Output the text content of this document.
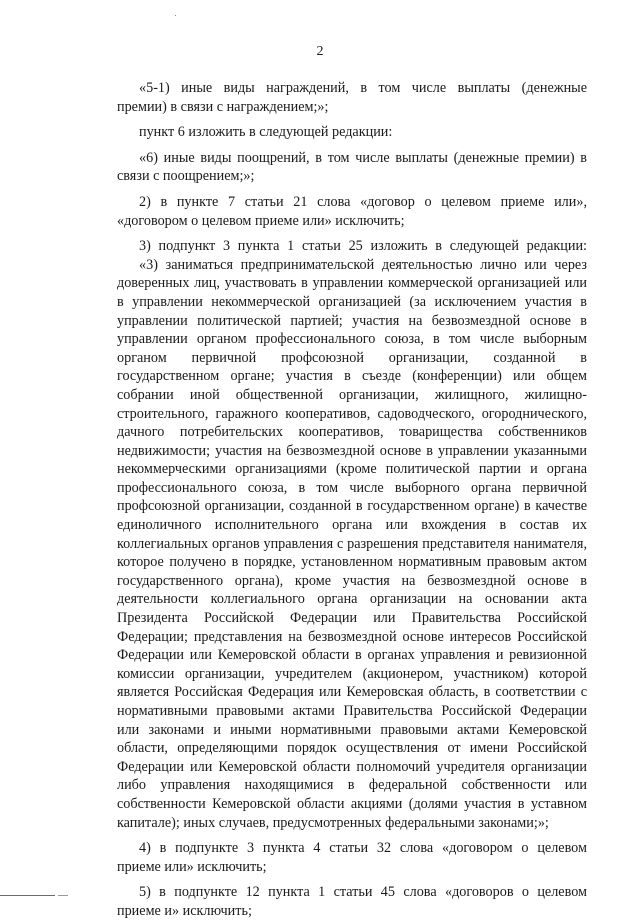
2
«5-1) иные виды награждений, в том числе выплаты (денежные
премии) в связи с награждением;»;
пункт 6 изложить в следующей редакции:
«6) иные виды поощрений, в том числе выплаты (денежные премии) в
связи с поощрением;»;
2) в пункте 7 статьи 21 слова «договор о целевом приеме или»,
«договором о целевом приеме или» исключить;
3) подпункт 3 пункта 1 статьи 25 изложить в следующей редакции:
«3) заниматься предпринимательской деятельностью лично или через
доверенных лиц, участвовать в управлении коммерческой организацией или
в управлении некоммерческой организацией (за исключением участия в
управлении политической партией; участия на безвозмездной основе в
управлении органом профессионального союза, в том числе выборным
органом первичной профсоюзной организации, созданной в
государственном органе; участия в съезде (конференции) или общем
собрании иной общественной организации, жилищного, жилищно-
строительного, гаражного кооперативов, садоводческого, огороднического,
дачного потребительских кооперативов, товарищества собственников
недвижимости; участия на безвозмездной основе в управлении указанными
некоммерческими организациями (кроме политической партии и органа
профессионального союза, в том числе выборного органа первичной
профсоюзной организации, созданной в государственном органе) в качестве
единоличного исполнительного органа или вхождения в состав их
коллегиальных органов управления с разрешения представителя нанимателя,
которое получено в порядке, установленном нормативным правовым актом
государственного органа), кроме участия на безвозмездной основе в
деятельности коллегиального органа организации на основании акта
Президента Российской Федерации или Правительства Российской
Федерации; представления на безвозмездной основе интересов Российской
Федерации или Кемеровской области в органах управления и ревизионной
комиссии организации, учредителем (акционером, участником) которой
является Российская Федерация или Кемеровская область, в соответствии с
нормативными правовыми актами Правительства Российской Федерации
или законами и иными нормативными правовыми актами Кемеровской
области, определяющими порядок осуществления от имени Российской
Федерации или Кемеровской области полномочий учредителя организации
либо управления находящимися в федеральной собственности или
собственности Кемеровской области акциями (долями участия в уставном
капитале); иных случаев, предусмотренных федеральными законами;»;
4) в подпункте 3 пункта 4 статьи 32 слова «договором о целевом
приеме или» исключить;
5) в подпункте 12 пункта 1 статьи 45 слова «договоров о целевом
приеме и» исключить;
